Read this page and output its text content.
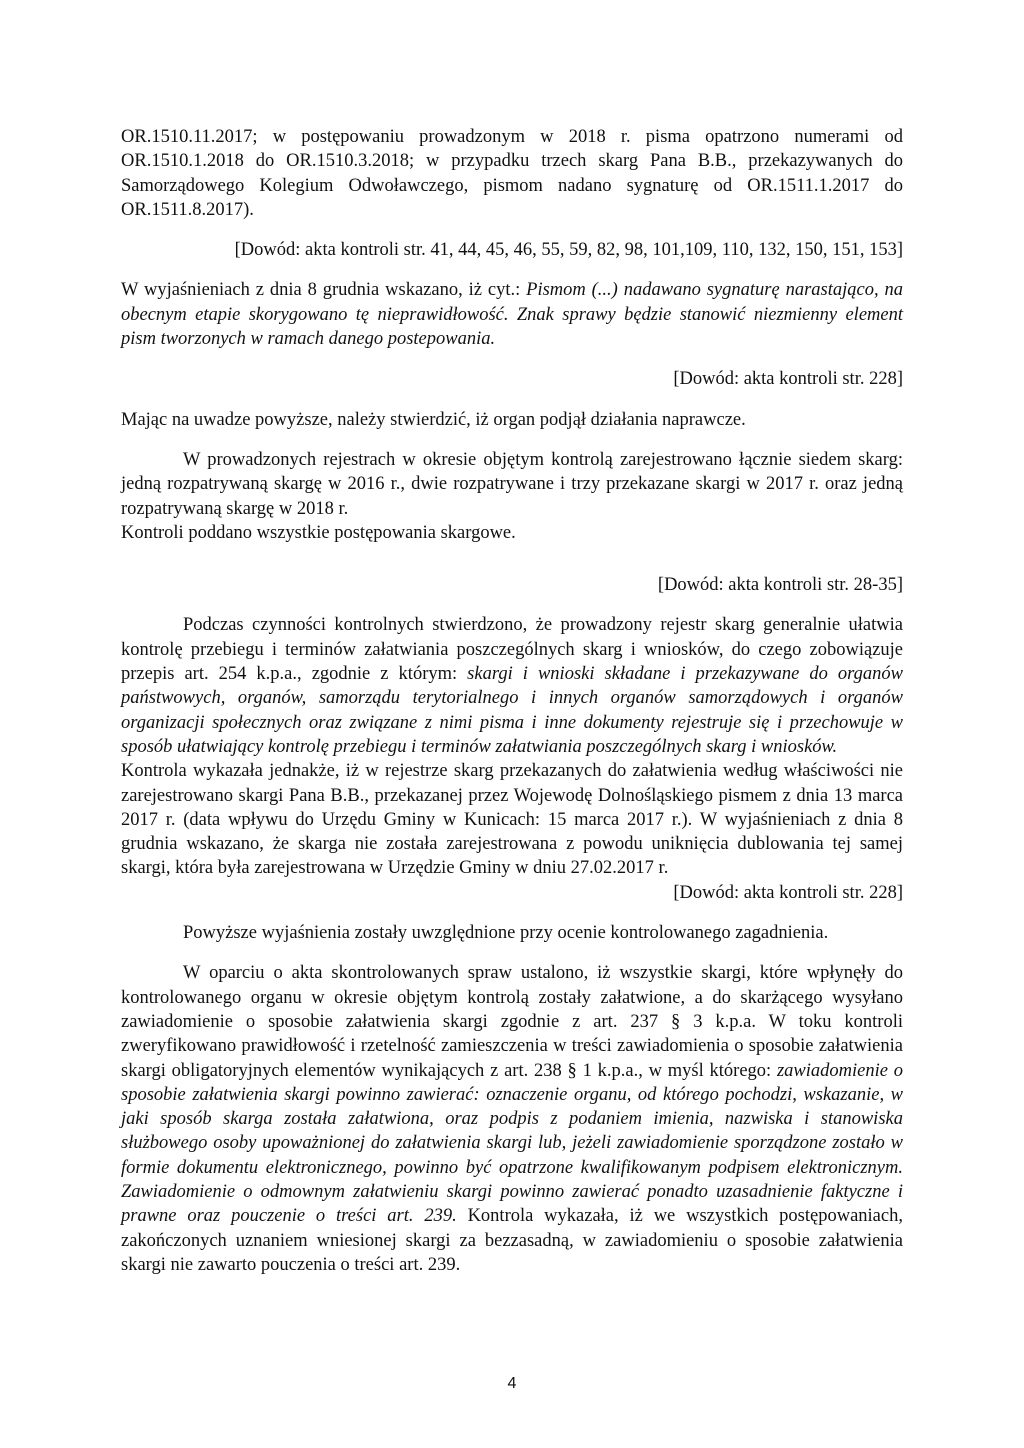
OR.1510.11.2017; w postępowaniu prowadzonym w 2018 r. pisma opatrzono numerami od OR.1510.1.2018 do OR.1510.3.2018; w przypadku trzech skarg Pana B.B., przekazywanych do Samorządowego Kolegium Odwoławczego, pismom nadano sygnaturę od OR.1511.1.2017 do OR.1511.8.2017).

[Dowód: akta kontroli str. 41, 44, 45, 46, 55, 59, 82, 98, 101,109, 110, 132, 150, 151, 153]

W wyjaśnieniach z dnia 8 grudnia wskazano, iż cyt.: Pismom (...) nadawano sygnaturę narastająco, na obecnym etapie skorygowano tę nieprawidłowość. Znak sprawy będzie stanowić niezmienny element pism tworzonych w ramach danego postepowania.

[Dowód: akta kontroli str. 228]

Mając na uwadze powyższe, należy stwierdzić, iż organ podjął działania naprawcze.

W prowadzonych rejestrach w okresie objętym kontrolą zarejestrowano łącznie siedem skarg: jedną rozpatrywaną skargę w 2016 r., dwie rozpatrywane i trzy przekazane skargi w 2017 r. oraz jedną rozpatrywaną skargę w 2018 r.

Kontroli poddano wszystkie postępowania skargowe.

[Dowód: akta kontroli str. 28-35]

Podczas czynności kontrolnych stwierdzono, że prowadzony rejestr skarg generalnie ułatwia kontrolę przebiegu i terminów załatwiania poszczególnych skarg i wniosków, do czego zobowiązuje przepis art. 254 k.p.a., zgodnie z którym: skargi i wnioski składane i przekazywane do organów państwowych, organów, samorządu terytorialnego i innych organów samorządowych i organów organizacji społecznych oraz związane z nimi pisma i inne dokumenty rejestruje się i przechowuje w sposób ułatwiający kontrolę przebiegu i terminów załatwiania poszczególnych skarg i wniosków.

Kontrola wykazała jednakże, iż w rejestrze skarg przekazanych do załatwienia według właściwości nie zarejestrowano skargi Pana B.B., przekazanej przez Wojewodę Dolnośląskiego pismem z dnia 13 marca 2017 r. (data wpływu do Urzędu Gminy w Kunicach: 15 marca 2017 r.). W wyjaśnieniach z dnia 8 grudnia wskazano, że skarga nie została zarejestrowana z powodu uniknięcia dublowania tej samej skargi, która była zarejestrowana w Urzędzie Gminy w dniu 27.02.2017 r.

[Dowód: akta kontroli str. 228]

Powyższe wyjaśnienia zostały uwzględnione przy ocenie kontrolowanego zagadnienia.

W oparciu o akta skontrolowanych spraw ustalono, iż wszystkie skargi, które wpłynęły do kontrolowanego organu w okresie objętym kontrolą zostały załatwione, a do skarżącego wysyłano zawiadomienie o sposobie załatwienia skargi zgodnie z art. 237 § 3 k.p.a. W toku kontroli zweryfikowano prawidłowość i rzetelność zamieszczenia w treści zawiadomienia o sposobie załatwienia skargi obligatoryjnych elementów wynikających z art. 238 § 1 k.p.a., w myśl którego: zawiadomienie o sposobie załatwienia skargi powinno zawierać: oznaczenie organu, od którego pochodzi, wskazanie, w jaki sposób skarga została załatwiona, oraz podpis z podaniem imienia, nazwiska i stanowiska służbowego osoby upoważnionej do załatwienia skargi lub, jeżeli zawiadomienie sporządzone zostało w formie dokumentu elektronicznego, powinno być opatrzone kwalifikowanym podpisem elektronicznym. Zawiadomienie o odmownym załatwieniu skargi powinno zawierać ponadto uzasadnienie faktyczne i prawne oraz pouczenie o treści art. 239. Kontrola wykazała, iż we wszystkich postępowaniach, zakończonych uznaniem wniesionej skargi za bezzasadną, w zawiadomieniu o sposobie załatwienia skargi nie zawarto pouczenia o treści art. 239.

4
